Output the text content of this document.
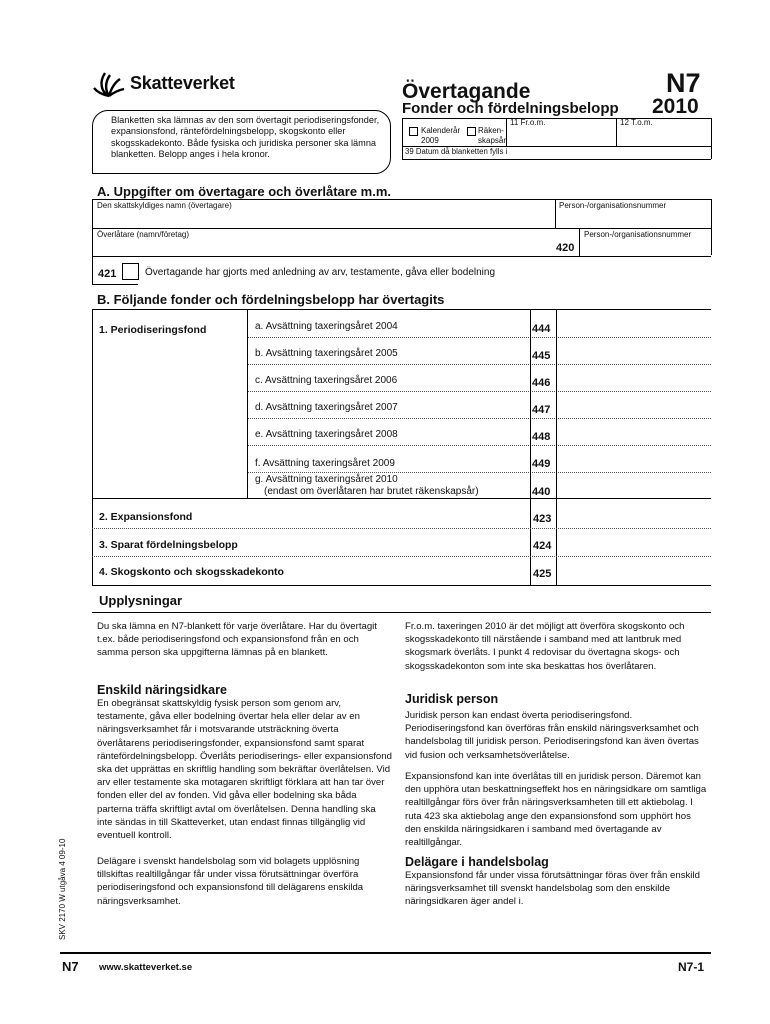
Skatteverket	Övertagande	N7
Fonder och fördelningsbelopp 2010
Blanketten ska lämnas av den som övertagit periodiseringsfonder, expansionsfond, räntefördelningsbelopp, skogskonto eller skogsskadekonto. Både fysiska och juridiska personer ska lämna blanketten. Belopp anges i hela kronor.
11 Fr.o.m.	12 T.o.m.
Kalenderår
2009
Räken-
skapsår
39 Datum då blanketten fylls i
A. Uppgifter om övertagare och överlåtare m.m.
Den skattskyldiges namn (övertagare)	Person-/organisationsnummer
Överlåtare (namn/företag)	Person-/organisationsnummer
420
421	Övertagande har gjorts med anledning av arv, testamente, gåva eller bodelning
B. Följande fonder och fördelningsbelopp har övertagits
1. Periodiseringsfond	a. Avsättning taxeringsåret 2004	444
b. Avsättning taxeringsåret 2005	445
c. Avsättning taxeringsåret 2006	446
d. Avsättning taxeringsåret 2007	447
e. Avsättning taxeringsåret 2008	448
f. Avsättning taxeringsåret 2009	449
g. Avsättning taxeringsåret 2010
(endast om överlåtaren har brutet räkenskapsår)	440
2. Expansionsfond	423
3. Sparat fördelningsbelopp	424
4. Skogskonto och skogsskadekonto	425
Upplysningar
Du ska lämna en N7-blankett för varje överlåtare. Har du övertagit t.ex. både periodiseringsfond och expansionsfond från en och samma person ska uppgifterna lämnas på en blankett.
Enskild näringsidkare
En obegränsat skattskyldig fysisk person som genom arv, testamente, gåva eller bodelning övertar hela eller delar av en näringsverksamhet får i motsvarande utsträckning överta överlåtarens periodiseringsfonder, expansionsfond samt sparat räntefördelningsbelopp. Överlåts periodiserings- eller expansionsfond ska det upprättas en skriftlig handling som bekräftar överlåtelsen. Vid arv eller testamente ska motagaren skriftligt förklara att han tar över fonden eller del av fonden. Vid gåva eller bodelning ska båda parterna träffa skriftligt avtal om överlåtelsen. Denna handling ska inte sändas in till Skatteverket, utan endast finnas tillgänglig vid eventuell kontroll.
Delägare i svenskt handelsbolag som vid bolagets upplösning tillskiftas realtillgångar får under vissa förutsättningar överföra periodiseringsfond och expansionsfond till delägarens enskilda näringsverksamhet.
Fr.o.m. taxeringen 2010 är det möjligt att överföra skogskonto och skogsskadekonto till närstående i samband med att lantbruk med skogsmark överlåts. I punkt 4 redovisar du övertagna skogs- och skogsskadekonton som inte ska beskattas hos överlåtaren.
Juridisk person
Juridisk person kan endast överta periodiseringsfond. Periodiseringsfond kan överföras från enskild näringsverksamhet och handelsbolag till juridisk person. Periodiseringsfond kan även övertas vid fusion och verksamhetsöverlåtelse.
Expansionsfond kan inte överlåtas till en juridisk person. Däremot kan den upphöra utan beskattningseffekt hos en näringsidkare om samtliga realtillgångar förs över från näringsverksamheten till ett aktiebolag. I ruta 423 ska aktiebolag ange den expansionsfond som upphört hos den enskilda näringsidkaren i samband med övertagande av realtillgångar.
Delägare i handelsbolag
Expansionsfond får under vissa förutsättningar föras över från enskild näringsverksamhet till svenskt handelsbolag som den enskilde näringsidkaren äger andel i.
SKV 2170 W utgåva 4 09-10
N7 www.skatteverket.se	N7-1
